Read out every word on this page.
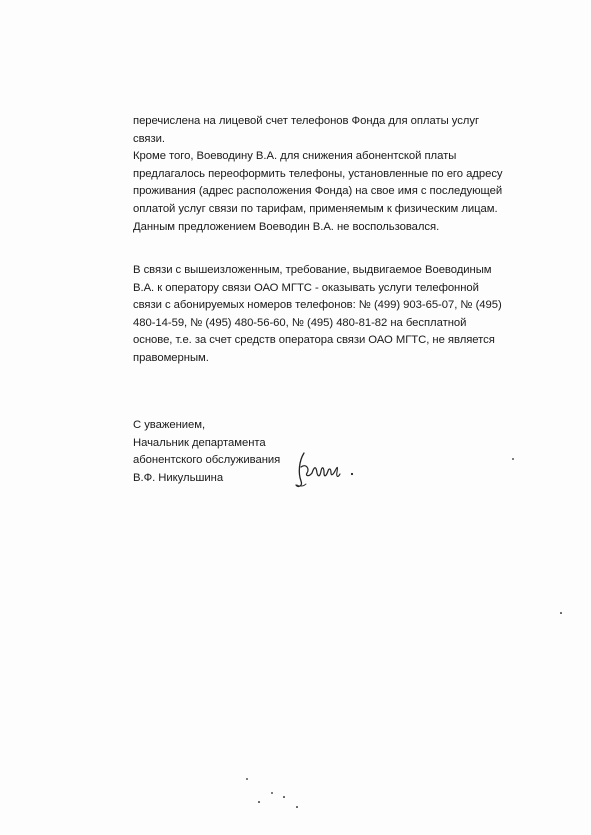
перечислена на лицевой счет телефонов Фонда для оплаты услуг
связи.
Кроме того, Воеводину В.А. для снижения абонентской платы
предлагалось переоформить телефоны, установленные по его адресу
проживания (адрес расположения Фонда) на свое имя с последующей
оплатой услуг связи по тарифам, применяемым к физическим лицам.
Данным предложением Воеводин В.А. не воспользовался.
В связи с вышеизложенным, требование, выдвигаемое Воеводиным
В.А. к оператору связи ОАО МГТС - оказывать услуги телефонной
связи с абонируемых номеров телефонов: № (499) 903-65-07, № (495)
480-14-59, № (495) 480-56-60, № (495) 480-81-82 на бесплатной
основе, т.е. за счет средств оператора связи ОАО МГТС, не является
правомерным.
С уважением,
Начальник департамента
абонентского обслуживания
В.Ф. Никульшина
